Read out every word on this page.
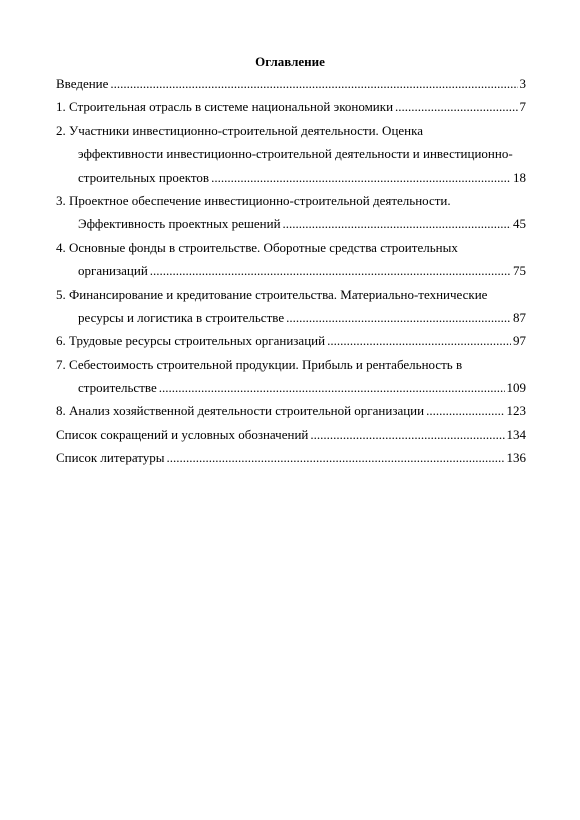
Оглавление
Введение .....	3
1. Строительная отрасль в системе национальной экономики .....	7
2. Участники инвестиционно-строительной деятельности. Оценка
эффективности инвестиционно-строительной деятельности и инвестиционно-
строительных проектов .....	18
3. Проектное обеспечение инвестиционно-строительной деятельности.
Эффективность проектных решений .....	45
4. Основные фонды в строительстве. Оборотные средства строительных
организаций .....	75
5. Финансирование и кредитование строительства. Материально-технические
ресурсы и логистика в строительстве .....	87
6. Трудовые ресурсы строительных организаций .....	97
7. Себестоимость строительной продукции. Прибыль и рентабельность в
строительстве .....	109
8. Анализ хозяйственной деятельности строительной организации .....	123
Список сокращений и условных обозначений .....	134
Список литературы .....	136
